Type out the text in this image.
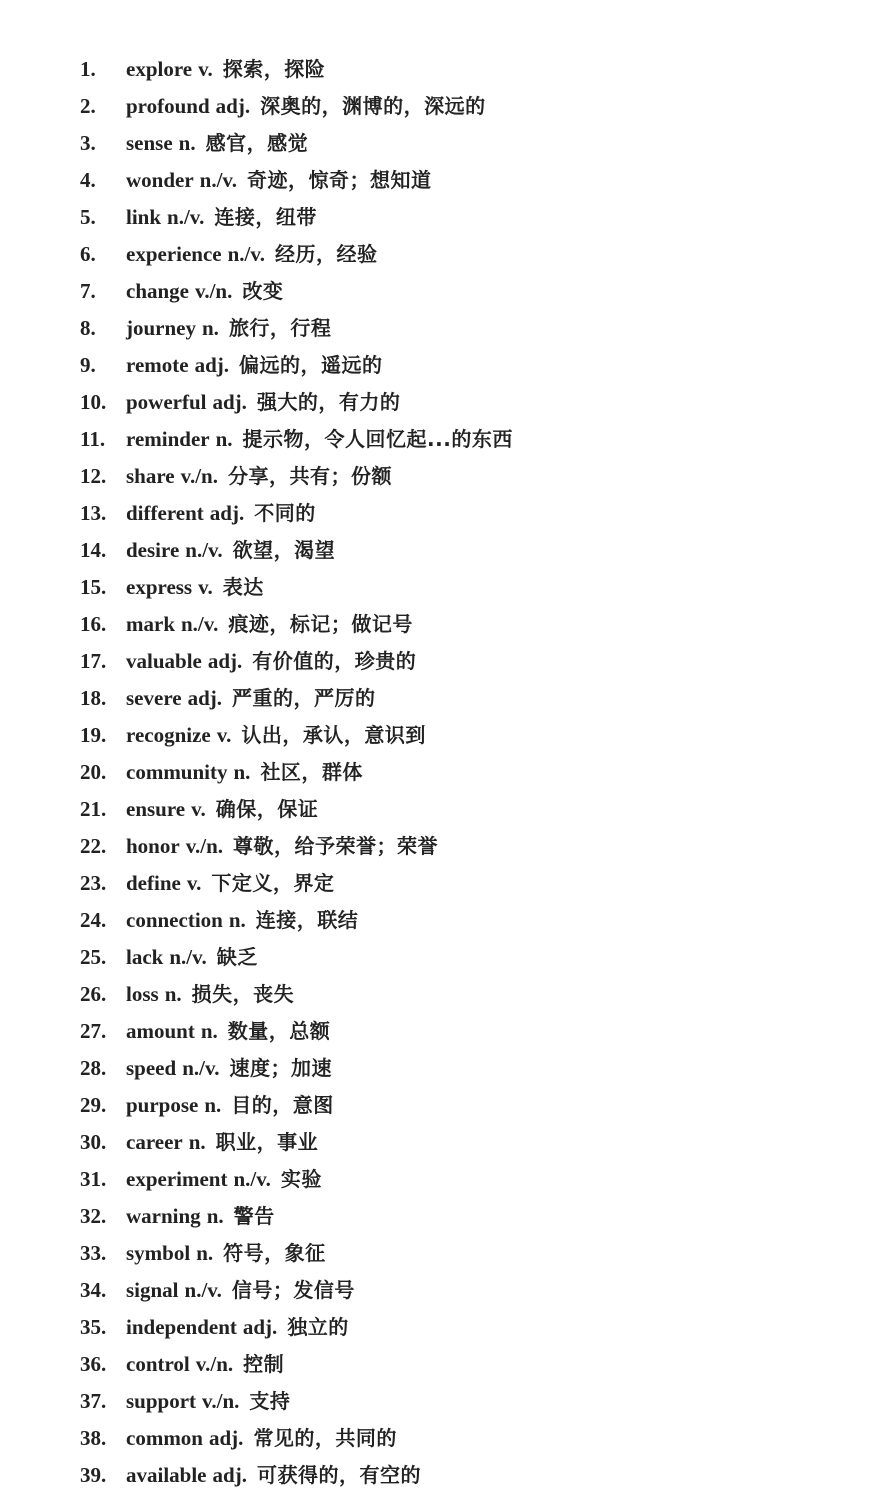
1.	explore v. 探索，探险
2.	profound adj. 深奥的，渊博的，深远的
3.	sense n. 感官，感觉
4.	wonder n./v. 奇迹，惊奇；想知道
5.	link n./v. 连接，纽带
6.	experience n./v. 经历，经验
7.	change v./n. 改变
8.	journey n. 旅行，行程
9.	remote adj. 偏远的，遥远的
10. powerful adj. 强大的，有力的
11. reminder n. 提示物，令人回忆起...的东西
12. share v./n. 分享，共有；份额
13. different adj. 不同的
14. desire n./v. 欲望，渴望
15. express v. 表达
16. mark n./v. 痕迹，标记；做记号
17. valuable adj. 有价值的，珍贵的
18. severe adj. 严重的，严厉的
19. recognize v. 认出，承认，意识到
20. community n. 社区，群体
21. ensure v. 确保，保证
22. honor v./n. 尊敬，给予荣誉；荣誉
23. define v. 下定义，界定
24. connection n. 连接，联结
25. lack n./v. 缺乏
26. loss n. 损失，丧失
27. amount n. 数量，总额
28. speed n./v. 速度；加速
29. purpose n. 目的，意图
30. career n. 职业，事业
31. experiment n./v. 实验
32. warning n. 警告
33. symbol n. 符号，象征
34. signal n./v. 信号；发信号
35. independent adj. 独立的
36. control v./n. 控制
37. support v./n. 支持
38. common adj. 常见的，共同的
39. available adj. 可获得的，有空的
